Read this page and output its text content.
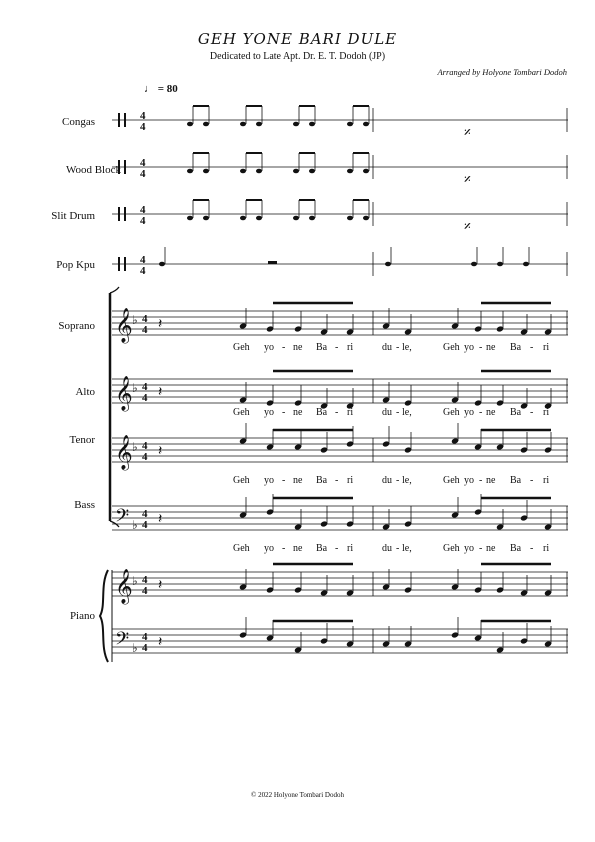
GEH YONE BARI DULE
Dedicated to Late Apt. Dr. E. T. Dodoh (JP)
Arranged by Holyone Tombari Dodoh
♩ = 80
Congas
Wood Block
Slit Drum
Pop Kpu
Soprano
Alto
Tenor
Bass
Piano
𝄎
𝄎
𝄎
𝄞 ♭ 𝄽
𝄞 ♭ 𝄽
𝄞 ♭ 𝄽
𝄢 ♭ 𝄽
𝄞 ♭ 𝄽
𝄢 ♭ 𝄽
4
4
4
4
4
4
4
4
4
4
4
4
4
4
4
4
4
4
4
4
Geh yo - ne Ba - ri	du - le,	Geh yo - ne Ba - ri
Geh yo - ne Ba - ri	du - le,	Geh yo - ne Ba - ri
Geh yo - ne Ba - ri	du - le,	Geh yo - ne Ba - ri
Geh yo - ne Ba - ri	du - le,	Geh yo - ne Ba - ri
© 2022 Holyone Tombari Dodoh
